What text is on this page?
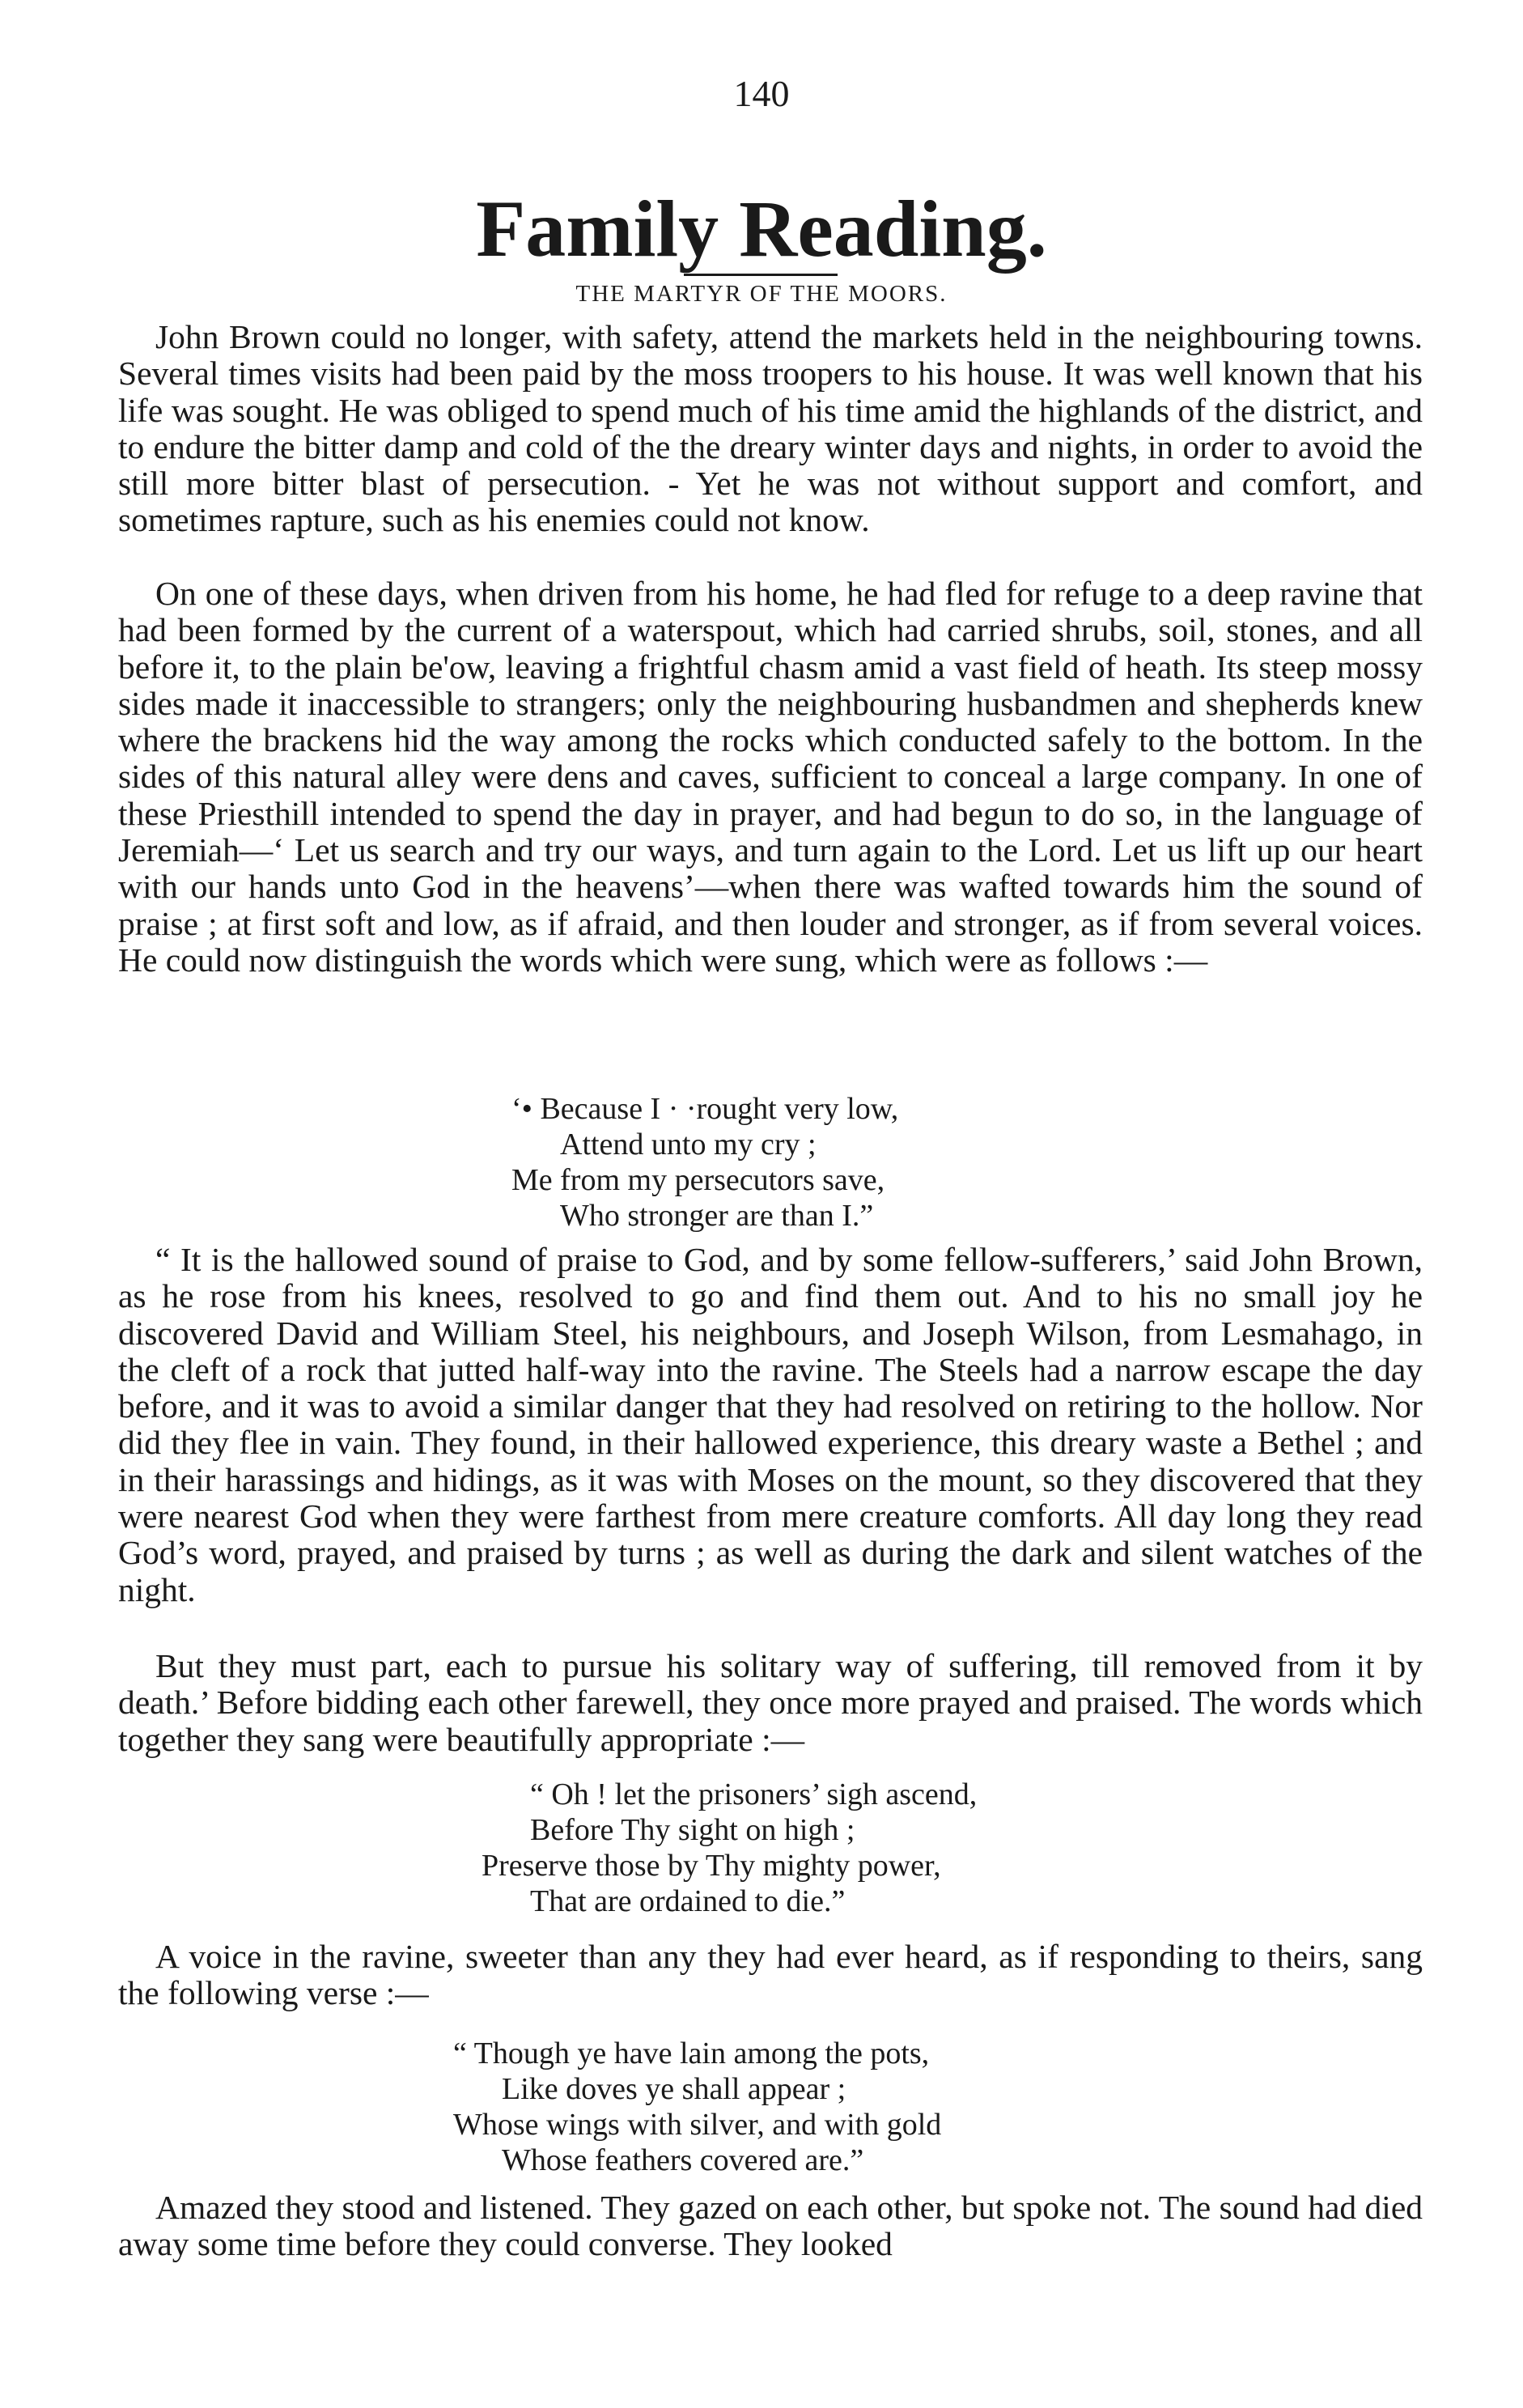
140
Family Reading.
THE MARTYR OF THE MOORS.

John Brown could no longer, with safety, attend the markets held in the neighbouring towns. Several times visits had been paid by the moss troopers to his house. It was well known that his life was sought. He was obliged to spend much of his time amid the highlands of the district, and to endure the bitter damp and cold of the the dreary winter days and nights, in order to avoid the still more bitter blast of persecution. - Yet he was not without support and comfort, and sometimes rapture, such as his enemies could not know.

On one of these days, when driven from his home, he had fled for refuge to a deep ravine that had been formed by the current of a waterspout, which had carried shrubs, soil, stones, and all before it, to the plain be'ow, leaving a frightful chasm amid a vast field of heath. Its steep mossy sides made it inaccessible to strangers; only the neighbouring husbandmen and shepherds knew where the brackens hid the way among the rocks which conducted safely to the bottom. In the sides of this natural alley were dens and caves, sufficient to conceal a large company. In one of these Priesthill intended to spend the day in prayer, and had begun to do so, in the language of Jeremiah—‘ Let us search and try our ways, and turn again to the Lord. Let us lift up our heart with our hands unto God in the heavens’—when there was wafted towards him the sound of praise ; at first soft and low, as if afraid, and then louder and stronger, as if from several voices. He could now distinguish the words which were sung, which were as follows :—

‘• Because I · ·rought very low,
Attend unto my cry ;
Me from my persecutors save,
Who stronger are than I.”

“ It is the hallowed sound of praise to God, and by some fellow-sufferers,’ said John Brown, as he rose from his knees, resolved to go and find them out. And to his no small joy he discovered David and William Steel, his neighbours, and Joseph Wilson, from Lesmahago, in the cleft of a rock that jutted half-way into the ravine. The Steels had a narrow escape the day before, and it was to avoid a similar danger that they had resolved on retiring to the hollow. Nor did they flee in vain. They found, in their hallowed experience, this dreary waste a Bethel ; and in their harassings and hidings, as it was with Moses on the mount, so they discovered that they were nearest God when they were farthest from mere creature comforts. All day long they read God’s word, prayed, and praised by turns ; as well as during the dark and silent watches of the night.

But they must part, each to pursue his solitary way of suffering, till removed from it by death.’ Before bidding each other farewell, they once more prayed and praised. The words which together they sang were beautifully appropriate :—

“ Oh ! let the prisoners’ sigh ascend,
Before Thy sight on high ;
Preserve those by Thy mighty power,
That are ordained to die.”

A voice in the ravine, sweeter than any they had ever heard, as if responding to theirs, sang the following verse :—

“ Though ye have lain among the pots,
Like doves ye shall appear ;
Whose wings with silver, and with gold
Whose feathers covered are.”

Amazed they stood and listened. They gazed on each other, but spoke not. The sound had died away some time before they could converse. They looked
